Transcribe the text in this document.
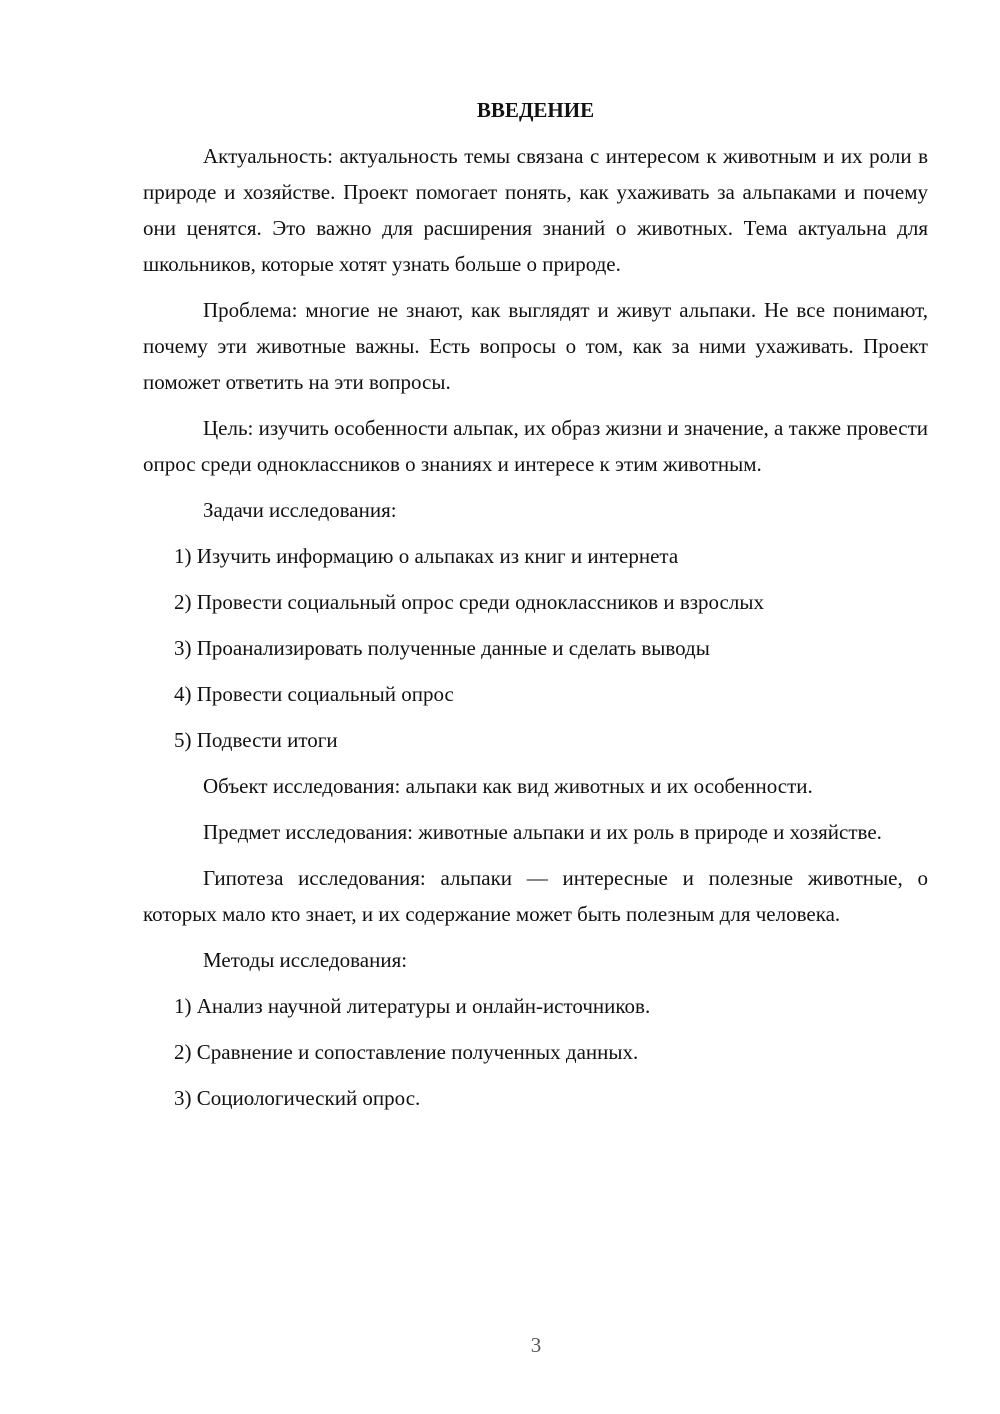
ВВЕДЕНИЕ

Актуальность: актуальность темы связана с интересом к животным и их роли в природе и хозяйстве. Проект помогает понять, как ухаживать за альпаками и почему они ценятся. Это важно для расширения знаний о животных. Тема актуальна для школьников, которые хотят узнать больше о природе.

Проблема: многие не знают, как выглядят и живут альпаки. Не все понимают, почему эти животные важны. Есть вопросы о том, как за ними ухаживать. Проект поможет ответить на эти вопросы.

Цель: изучить особенности альпак, их образ жизни и значение, а также провести опрос среди одноклассников о знаниях и интересе к этим животным.

Задачи исследования:

1) Изучить информацию о альпаках из книг и интернета
2) Провести социальный опрос среди одноклассников и взрослых
3) Проанализировать полученные данные и сделать выводы
4) Провести социальный опрос
5) Подвести итоги

Объект исследования: альпаки как вид животных и их особенности.

Предмет исследования: животные альпаки и их роль в природе и хозяйстве.

Гипотеза исследования: альпаки — интересные и полезные животные, о которых мало кто знает, и их содержание может быть полезным для человека.

Методы исследования:

1) Анализ научной литературы и онлайн-источников.
2) Сравнение и сопоставление полученных данных.
3) Социологический опрос.
3
